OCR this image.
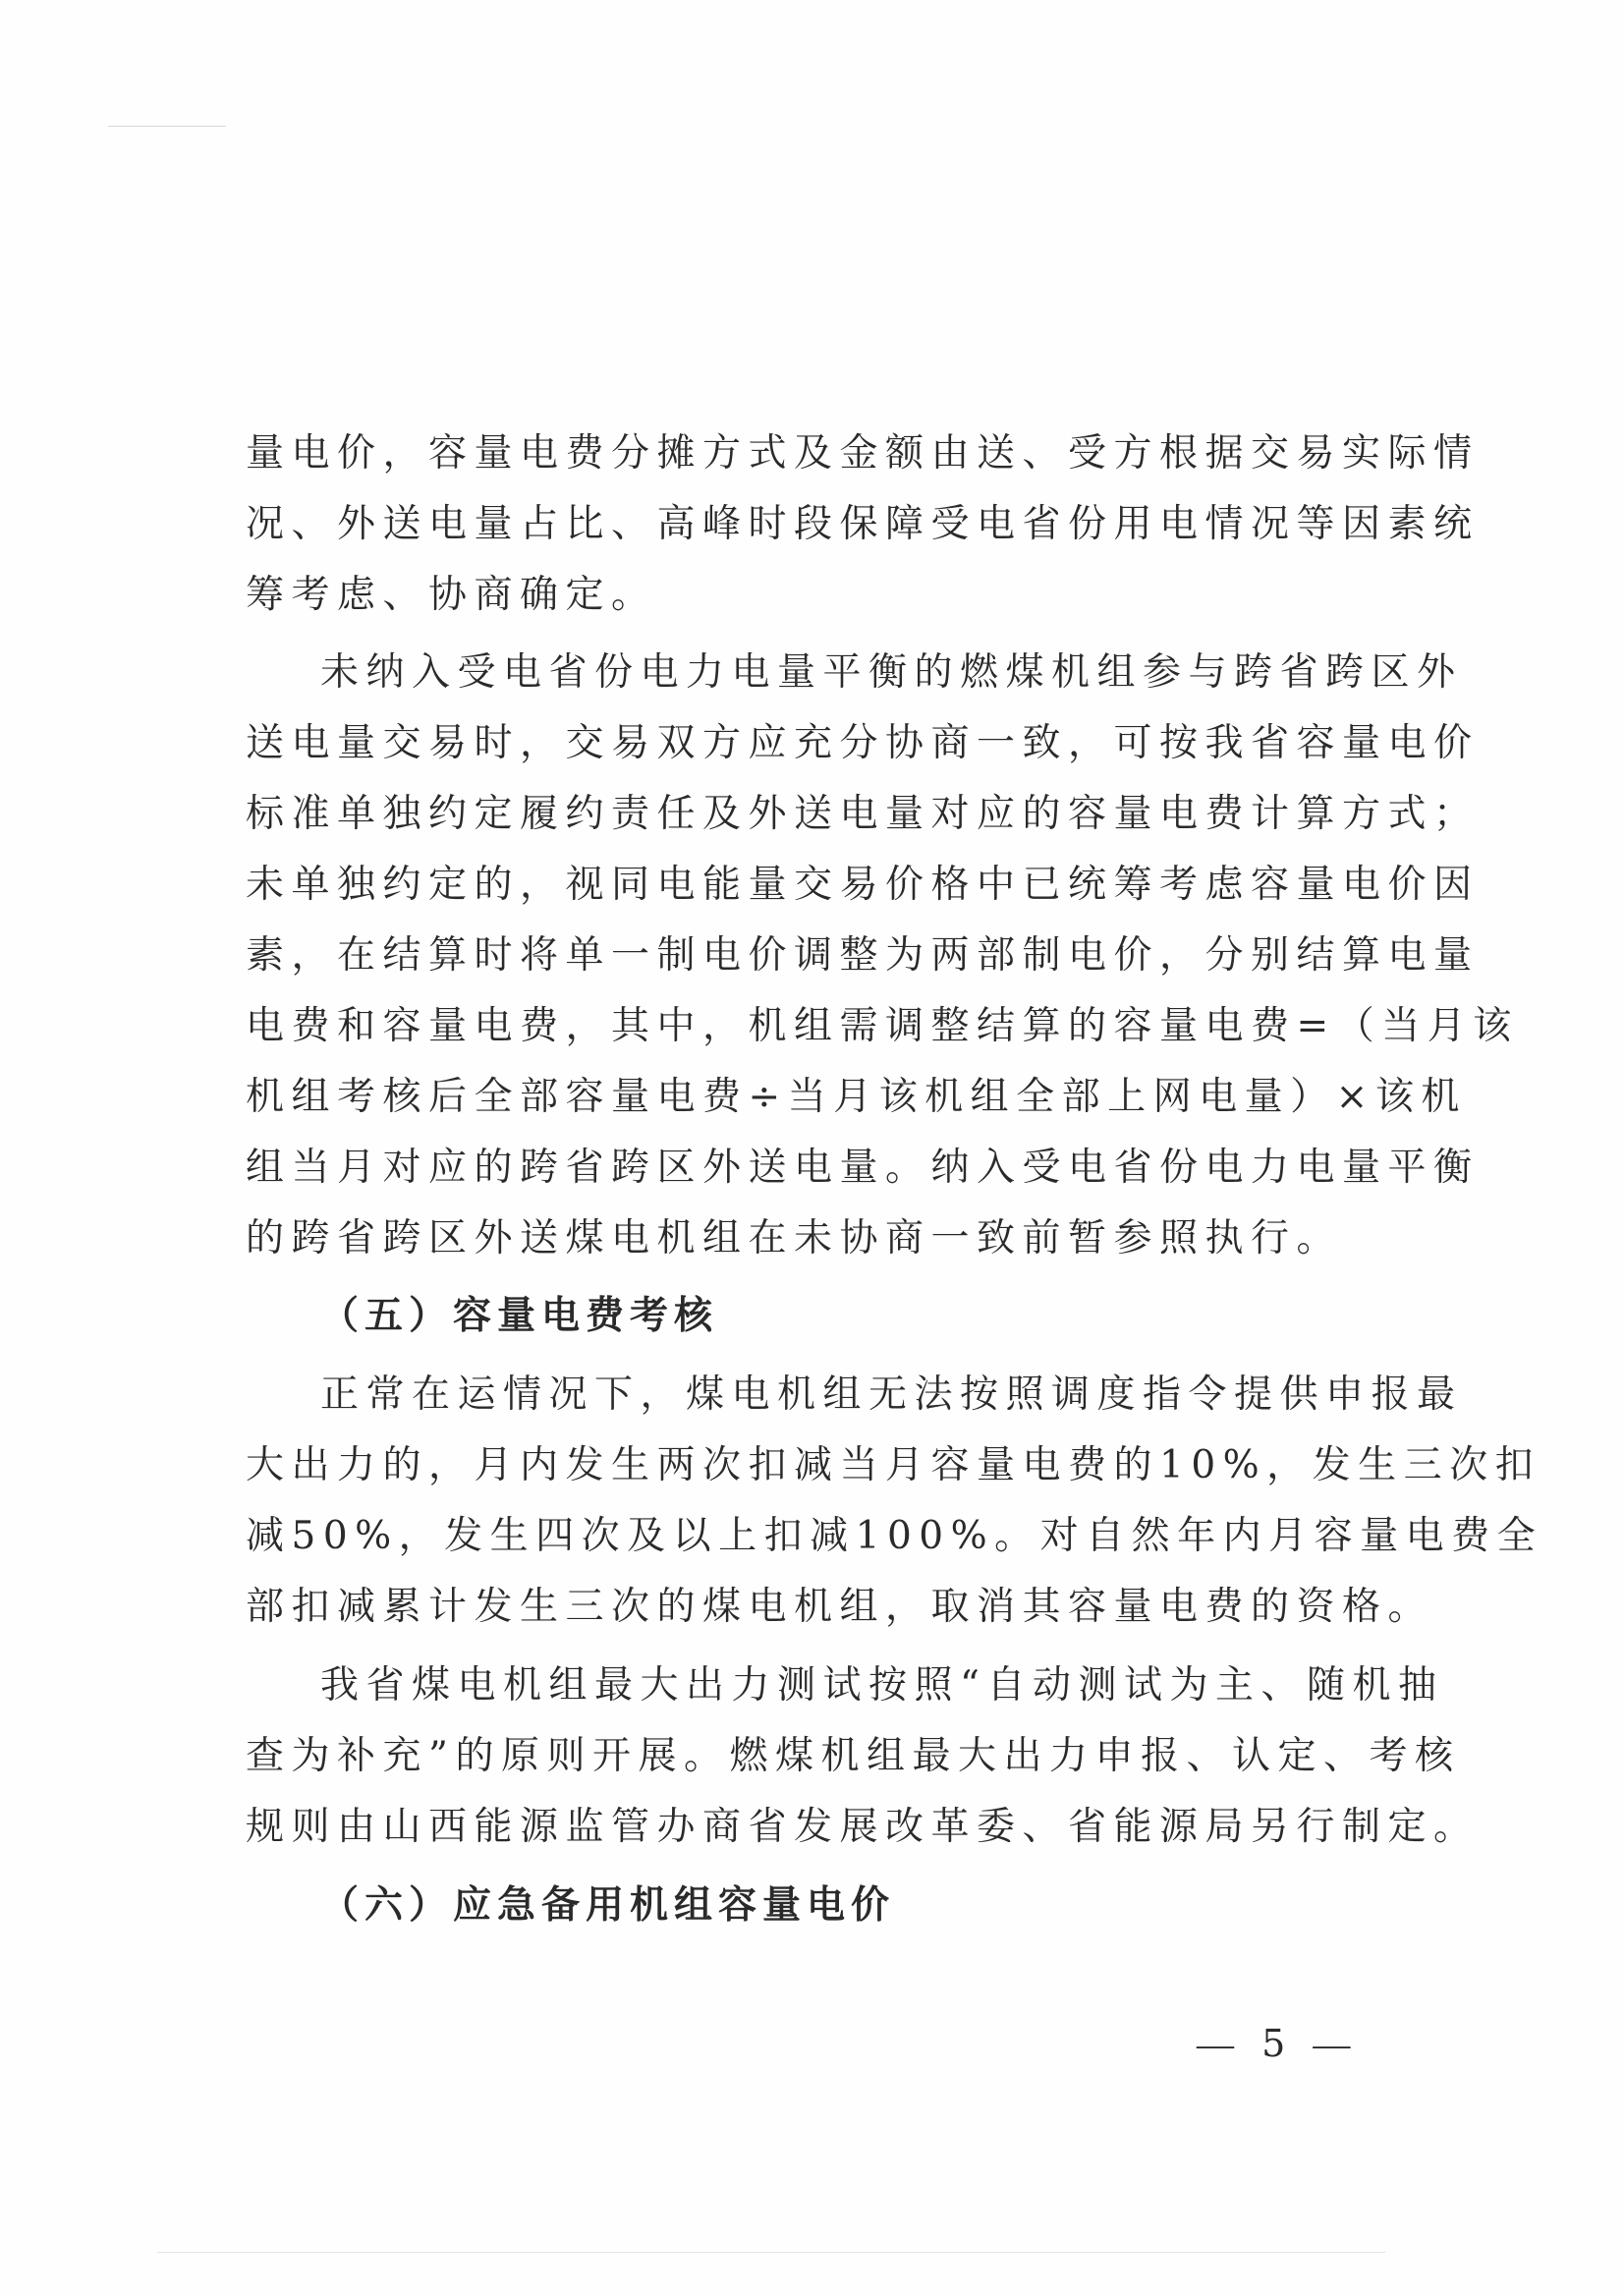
量电价，容量电费分摊方式及金额由送、受方根据交易实际情
况、外送电量占比、高峰时段保障受电省份用电情况等因素统
筹考虑、协商确定。
未纳入受电省份电力电量平衡的燃煤机组参与跨省跨区外
送电量交易时，交易双方应充分协商一致，可按我省容量电价
标准单独约定履约责任及外送电量对应的容量电费计算方式；
未单独约定的，视同电能量交易价格中已统筹考虑容量电价因
素，在结算时将单一制电价调整为两部制电价，分别结算电量
电费和容量电费，其中，机组需调整结算的容量电费=（当月该
机组考核后全部容量电费÷当月该机组全部上网电量）×该机
组当月对应的跨省跨区外送电量。纳入受电省份电力电量平衡
的跨省跨区外送煤电机组在未协商一致前暂参照执行。
（五）容量电费考核
正常在运情况下，煤电机组无法按照调度指令提供申报最
大出力的，月内发生两次扣减当月容量电费的10%，发生三次扣
减50%，发生四次及以上扣减100%。对自然年内月容量电费全
部扣减累计发生三次的煤电机组，取消其容量电费的资格。
我省煤电机组最大出力测试按照“自动测试为主、随机抽
查为补充”的原则开展。燃煤机组最大出力申报、认定、考核
规则由山西能源监管办商省发展改革委、省能源局另行制定。
（六）应急备用机组容量电价
— 5 —
